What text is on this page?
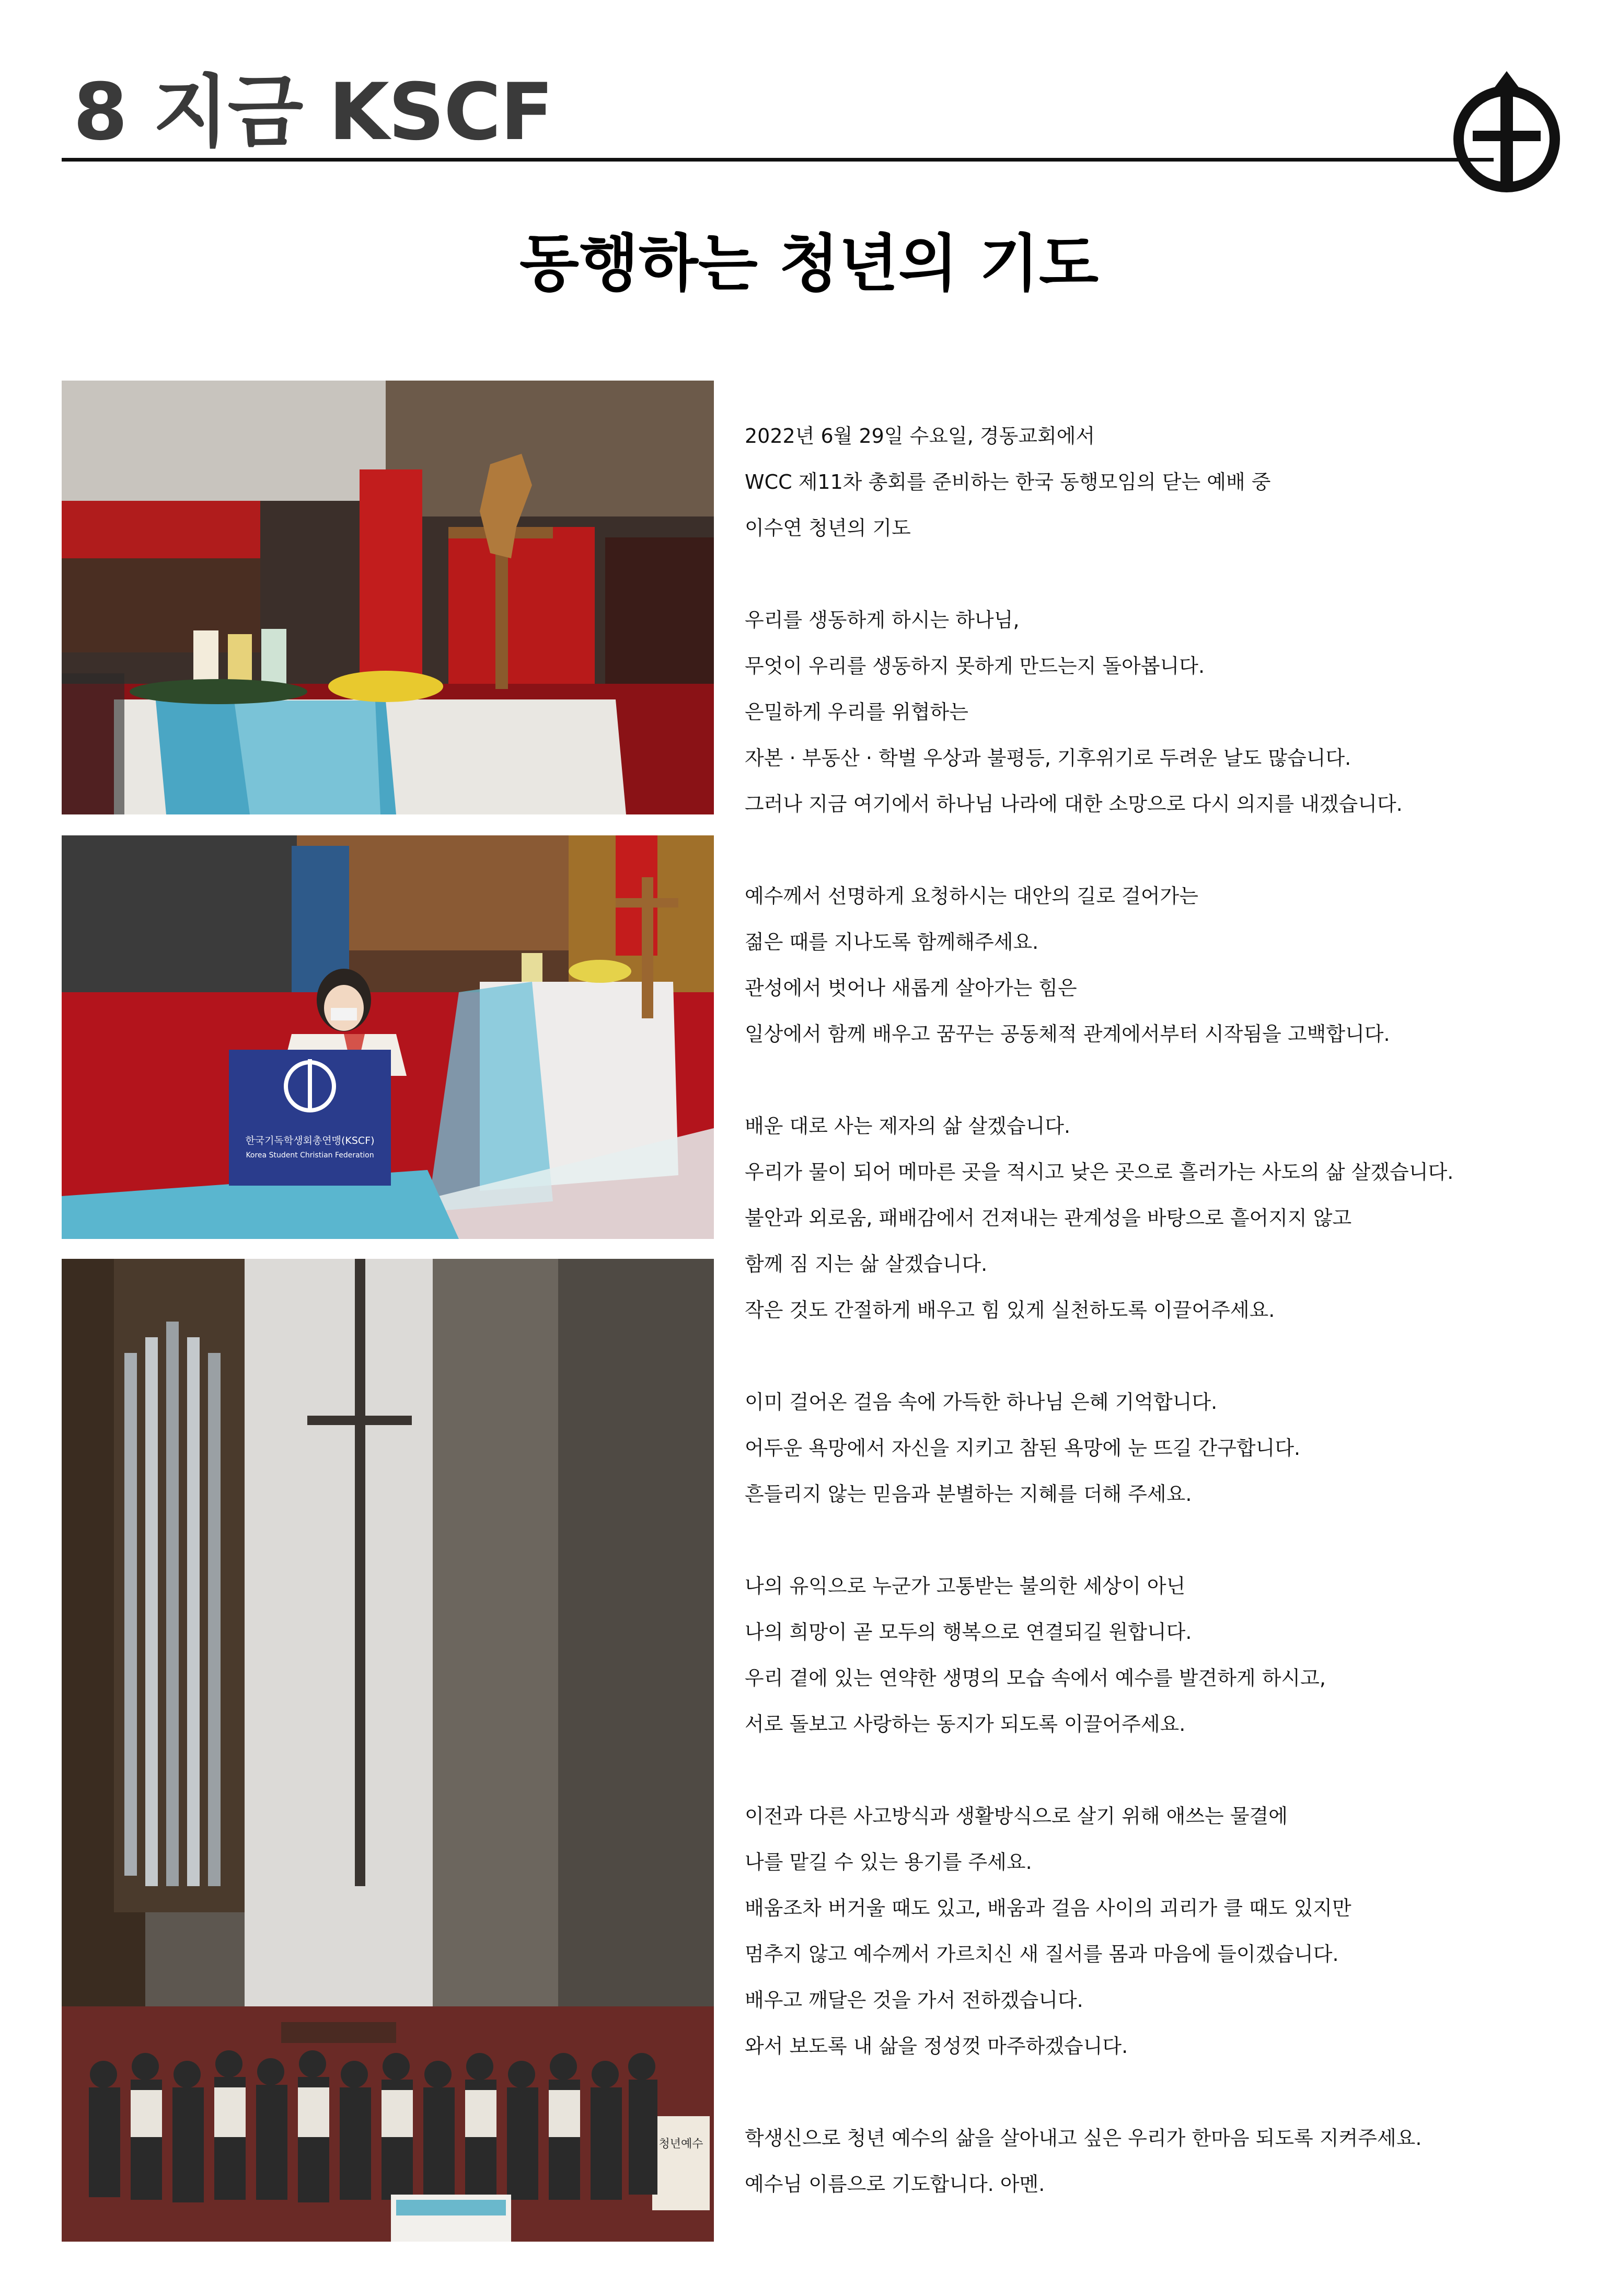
8 지금 KSCF
동행하는 청년의 기도
한국기독학생회총연맹(KSCF)
Korea Student Christian Federation
청년예수
2022년 6월 29일 수요일, 경동교회에서
WCC 제11차 총회를 준비하는 한국 동행모임의 닫는 예배 중
이수연 청년의 기도
우리를 생동하게 하시는 하나님,
무엇이 우리를 생동하지 못하게 만드는지 돌아봅니다.
은밀하게 우리를 위협하는
자본 · 부동산 · 학벌 우상과 불평등, 기후위기로 두려운 날도 많습니다.
그러나 지금 여기에서 하나님 나라에 대한 소망으로 다시 의지를 내겠습니다.
예수께서 선명하게 요청하시는 대안의 길로 걸어가는
젊은 때를 지나도록 함께해주세요.
관성에서 벗어나 새롭게 살아가는 힘은
일상에서 함께 배우고 꿈꾸는 공동체적 관계에서부터 시작됨을 고백합니다.
배운 대로 사는 제자의 삶 살겠습니다.
우리가 물이 되어 메마른 곳을 적시고 낮은 곳으로 흘러가는 사도의 삶 살겠습니다.
불안과 외로움, 패배감에서 건져내는 관계성을 바탕으로 흩어지지 않고
함께 짐 지는 삶 살겠습니다.
작은 것도 간절하게 배우고 힘 있게 실천하도록 이끌어주세요.
이미 걸어온 걸음 속에 가득한 하나님 은혜 기억합니다.
어두운 욕망에서 자신을 지키고 참된 욕망에 눈 뜨길 간구합니다.
흔들리지 않는 믿음과 분별하는 지혜를 더해 주세요.
나의 유익으로 누군가 고통받는 불의한 세상이 아닌
나의 희망이 곧 모두의 행복으로 연결되길 원합니다.
우리 곁에 있는 연약한 생명의 모습 속에서 예수를 발견하게 하시고,
서로 돌보고 사랑하는 동지가 되도록 이끌어주세요.
이전과 다른 사고방식과 생활방식으로 살기 위해 애쓰는 물결에
나를 맡길 수 있는 용기를 주세요.
배움조차 버거울 때도 있고, 배움과 걸음 사이의 괴리가 클 때도 있지만
멈추지 않고 예수께서 가르치신 새 질서를 몸과 마음에 들이겠습니다.
배우고 깨달은 것을 가서 전하겠습니다.
와서 보도록 내 삶을 정성껏 마주하겠습니다.
학생신으로 청년 예수의 삶을 살아내고 싶은 우리가 한마음 되도록 지켜주세요.
예수님 이름으로 기도합니다. 아멘.
